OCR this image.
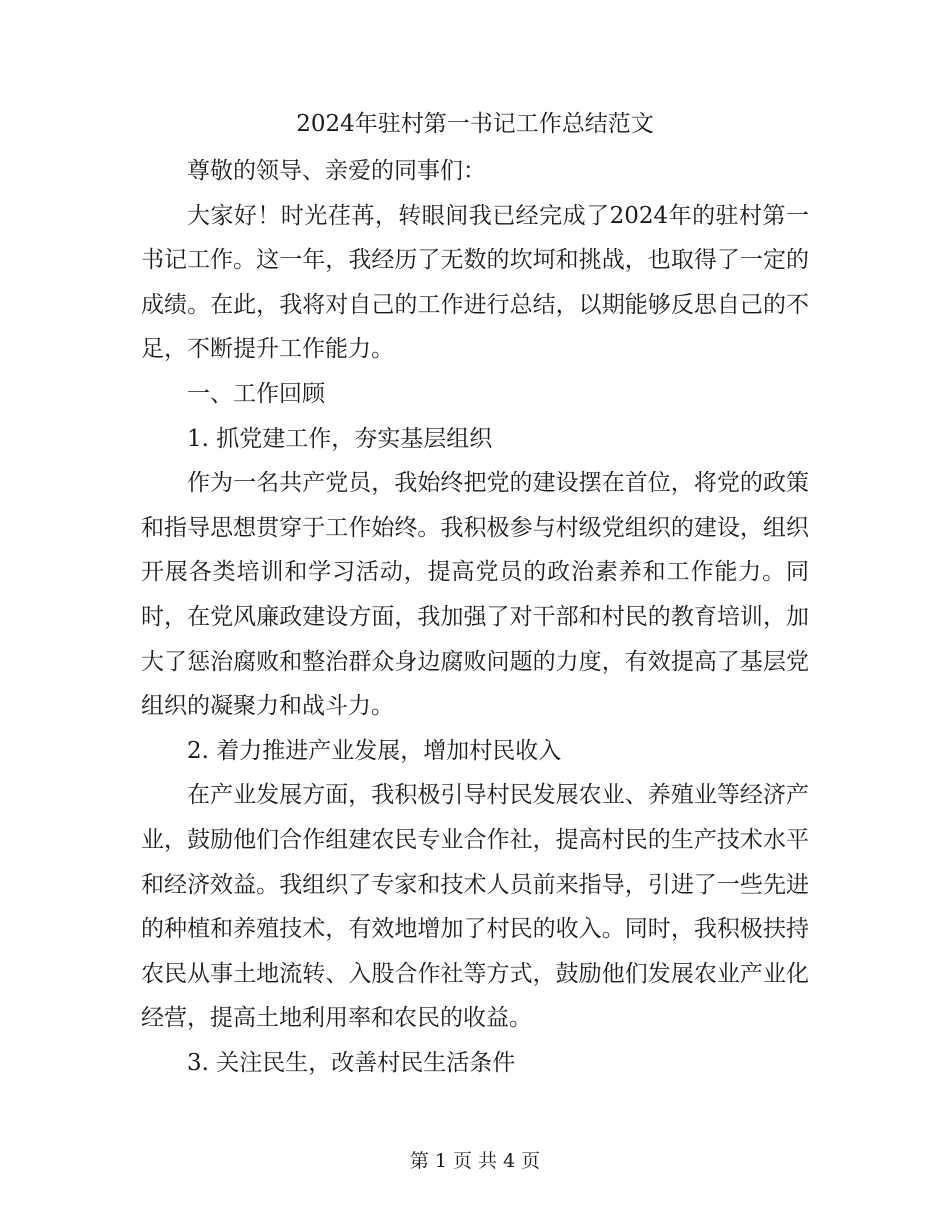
2024年驻村第一书记工作总结范文

尊敬的领导、亲爱的同事们：

大家好！时光荏苒，转眼间我已经完成了2024年的驻村第一书记工作。这一年，我经历了无数的坎坷和挑战，也取得了一定的成绩。在此，我将对自己的工作进行总结，以期能够反思自己的不足，不断提升工作能力。

一、工作回顾

1. 抓党建工作，夯实基层组织

作为一名共产党员，我始终把党的建设摆在首位，将党的政策和指导思想贯穿于工作始终。我积极参与村级党组织的建设，组织开展各类培训和学习活动，提高党员的政治素养和工作能力。同时，在党风廉政建设方面，我加强了对干部和村民的教育培训，加大了惩治腐败和整治群众身边腐败问题的力度，有效提高了基层党组织的凝聚力和战斗力。

2. 着力推进产业发展，增加村民收入

在产业发展方面，我积极引导村民发展农业、养殖业等经济产业，鼓励他们合作组建农民专业合作社，提高村民的生产技术水平和经济效益。我组织了专家和技术人员前来指导，引进了一些先进的种植和养殖技术，有效地增加了村民的收入。同时，我积极扶持农民从事土地流转、入股合作社等方式，鼓励他们发展农业产业化经营，提高土地利用率和农民的收益。

3. 关注民生，改善村民生活条件

第 1 页 共 4 页
